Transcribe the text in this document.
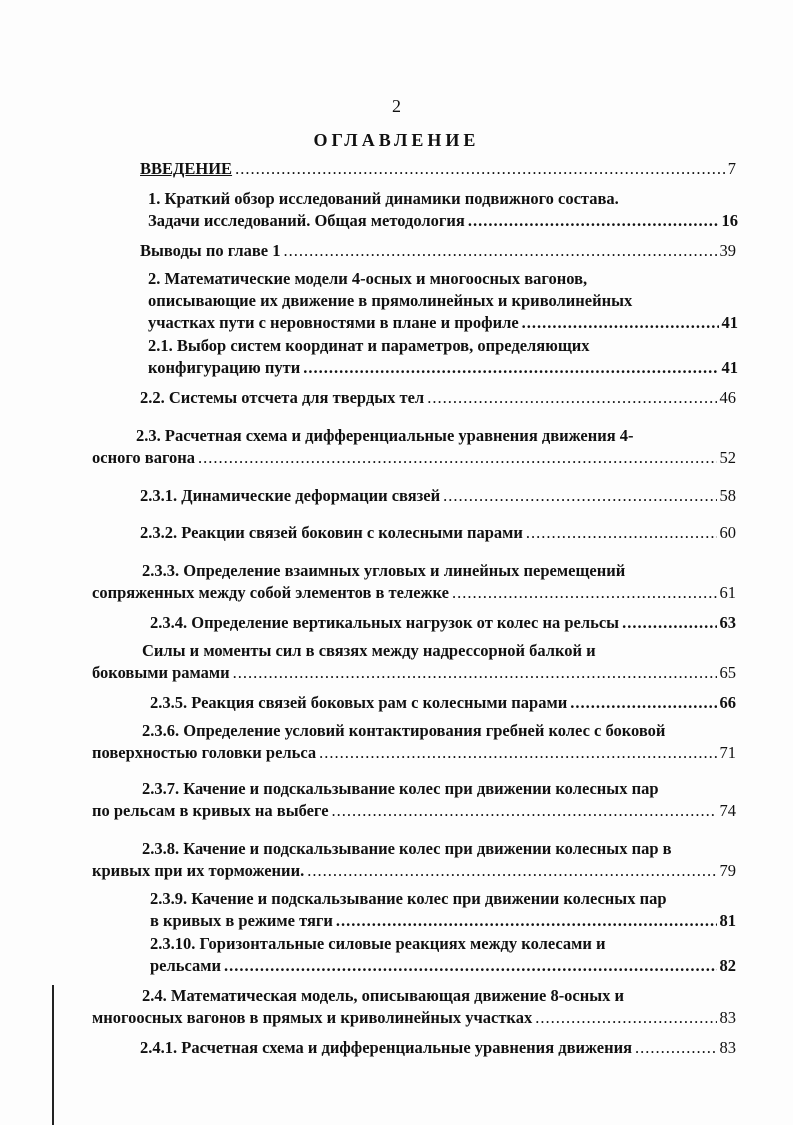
2
ОГЛАВЛЕНИЕ
ВВЕДЕНИЕ .....	7
1. Краткий обзор исследований динамики подвижного состава.
Задачи исследований. Общая методология .....	16
Выводы по главе 1 .....	39
2. Математические модели 4-осных и многоосных вагонов,
описывающие их движение в прямолинейных и криволинейных
участках пути с неровностями в плане и профиле .....	41
2.1. Выбор систем координат и параметров, определяющих
конфигурацию пути .....	41
2.2. Системы отсчета для твердых тел .....	46
2.3. Расчетная схема и дифференциальные уравнения движения 4-
осного вагона .....	52
2.3.1. Динамические деформации связей .....	58
2.3.2. Реакции связей боковин с колесными парами .....	60
2.3.3. Определение взаимных угловых и линейных перемещений
сопряженных между собой элементов в тележке .....	61
2.3.4. Определение вертикальных нагрузок от колес на рельсы .....	63
Силы и моменты сил в связях между надрессорной балкой и
боковыми рамами .....	65
2.3.5. Реакция связей боковых рам с колесными парами .....	66
2.3.6. Определение условий контактирования гребней колес с боковой
поверхностью головки рельса .....	71
2.3.7. Качение и подскальзывание колес при движении колесных пар
по рельсам в кривых на выбеге .....	74
2.3.8. Качение и подскальзывание колес при движении колесных пар в
кривых при их торможении. .....	79
2.3.9. Качение и подскальзывание колес при движении колесных пар
в кривых в режиме тяги .....	81
2.3.10. Горизонтальные силовые реакциях между колесами и
рельсами .....	82
2.4. Математическая модель, описывающая движение 8-осных и
многоосных вагонов в прямых и криволинейных участках .....	83
2.4.1. Расчетная схема и дифференциальные уравнения движения .....	83
